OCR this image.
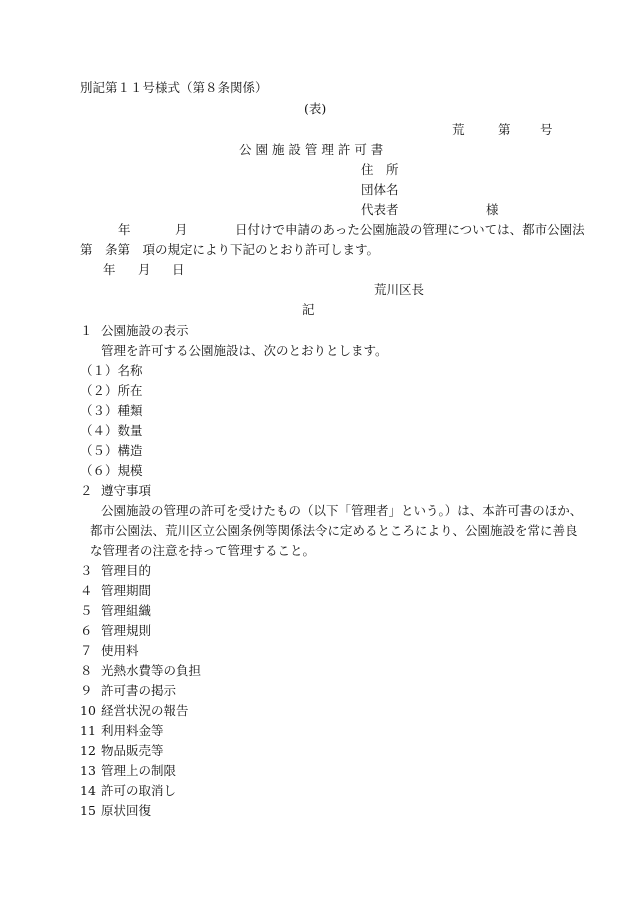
別記第１１号様式（第８条関係）
(表)
荒	第 号
公 園 施 設 管 理 許 可 書
住　所
団体名
代表者	様
年	月	日付けで申請のあった公園施設の管理については、都市公園法
第　条第　項の規定により下記のとおり許可します。
年 月 日
荒川区長
記
１ 公園施設の表示
管理を許可する公園施設は、次のとおりとします。
（１）名称
（２）所在
（３）種類
（４）数量
（５）構造
（６）規模
２ 遵守事項
公園施設の管理の許可を受けたもの（以下「管理者」という。）は、本許可書のほか、
都市公園法、荒川区立公園条例等関係法令に定めるところにより、公園施設を常に善良
な管理者の注意を持って管理すること。
３ 管理目的
４ 管理期間
５ 管理組織
６ 管理規則
７ 使用料
８ 光熱水費等の負担
９ 許可書の掲示
10 経営状況の報告
11 利用料金等
12 物品販売等
13 管理上の制限
14 許可の取消し
15 原状回復
